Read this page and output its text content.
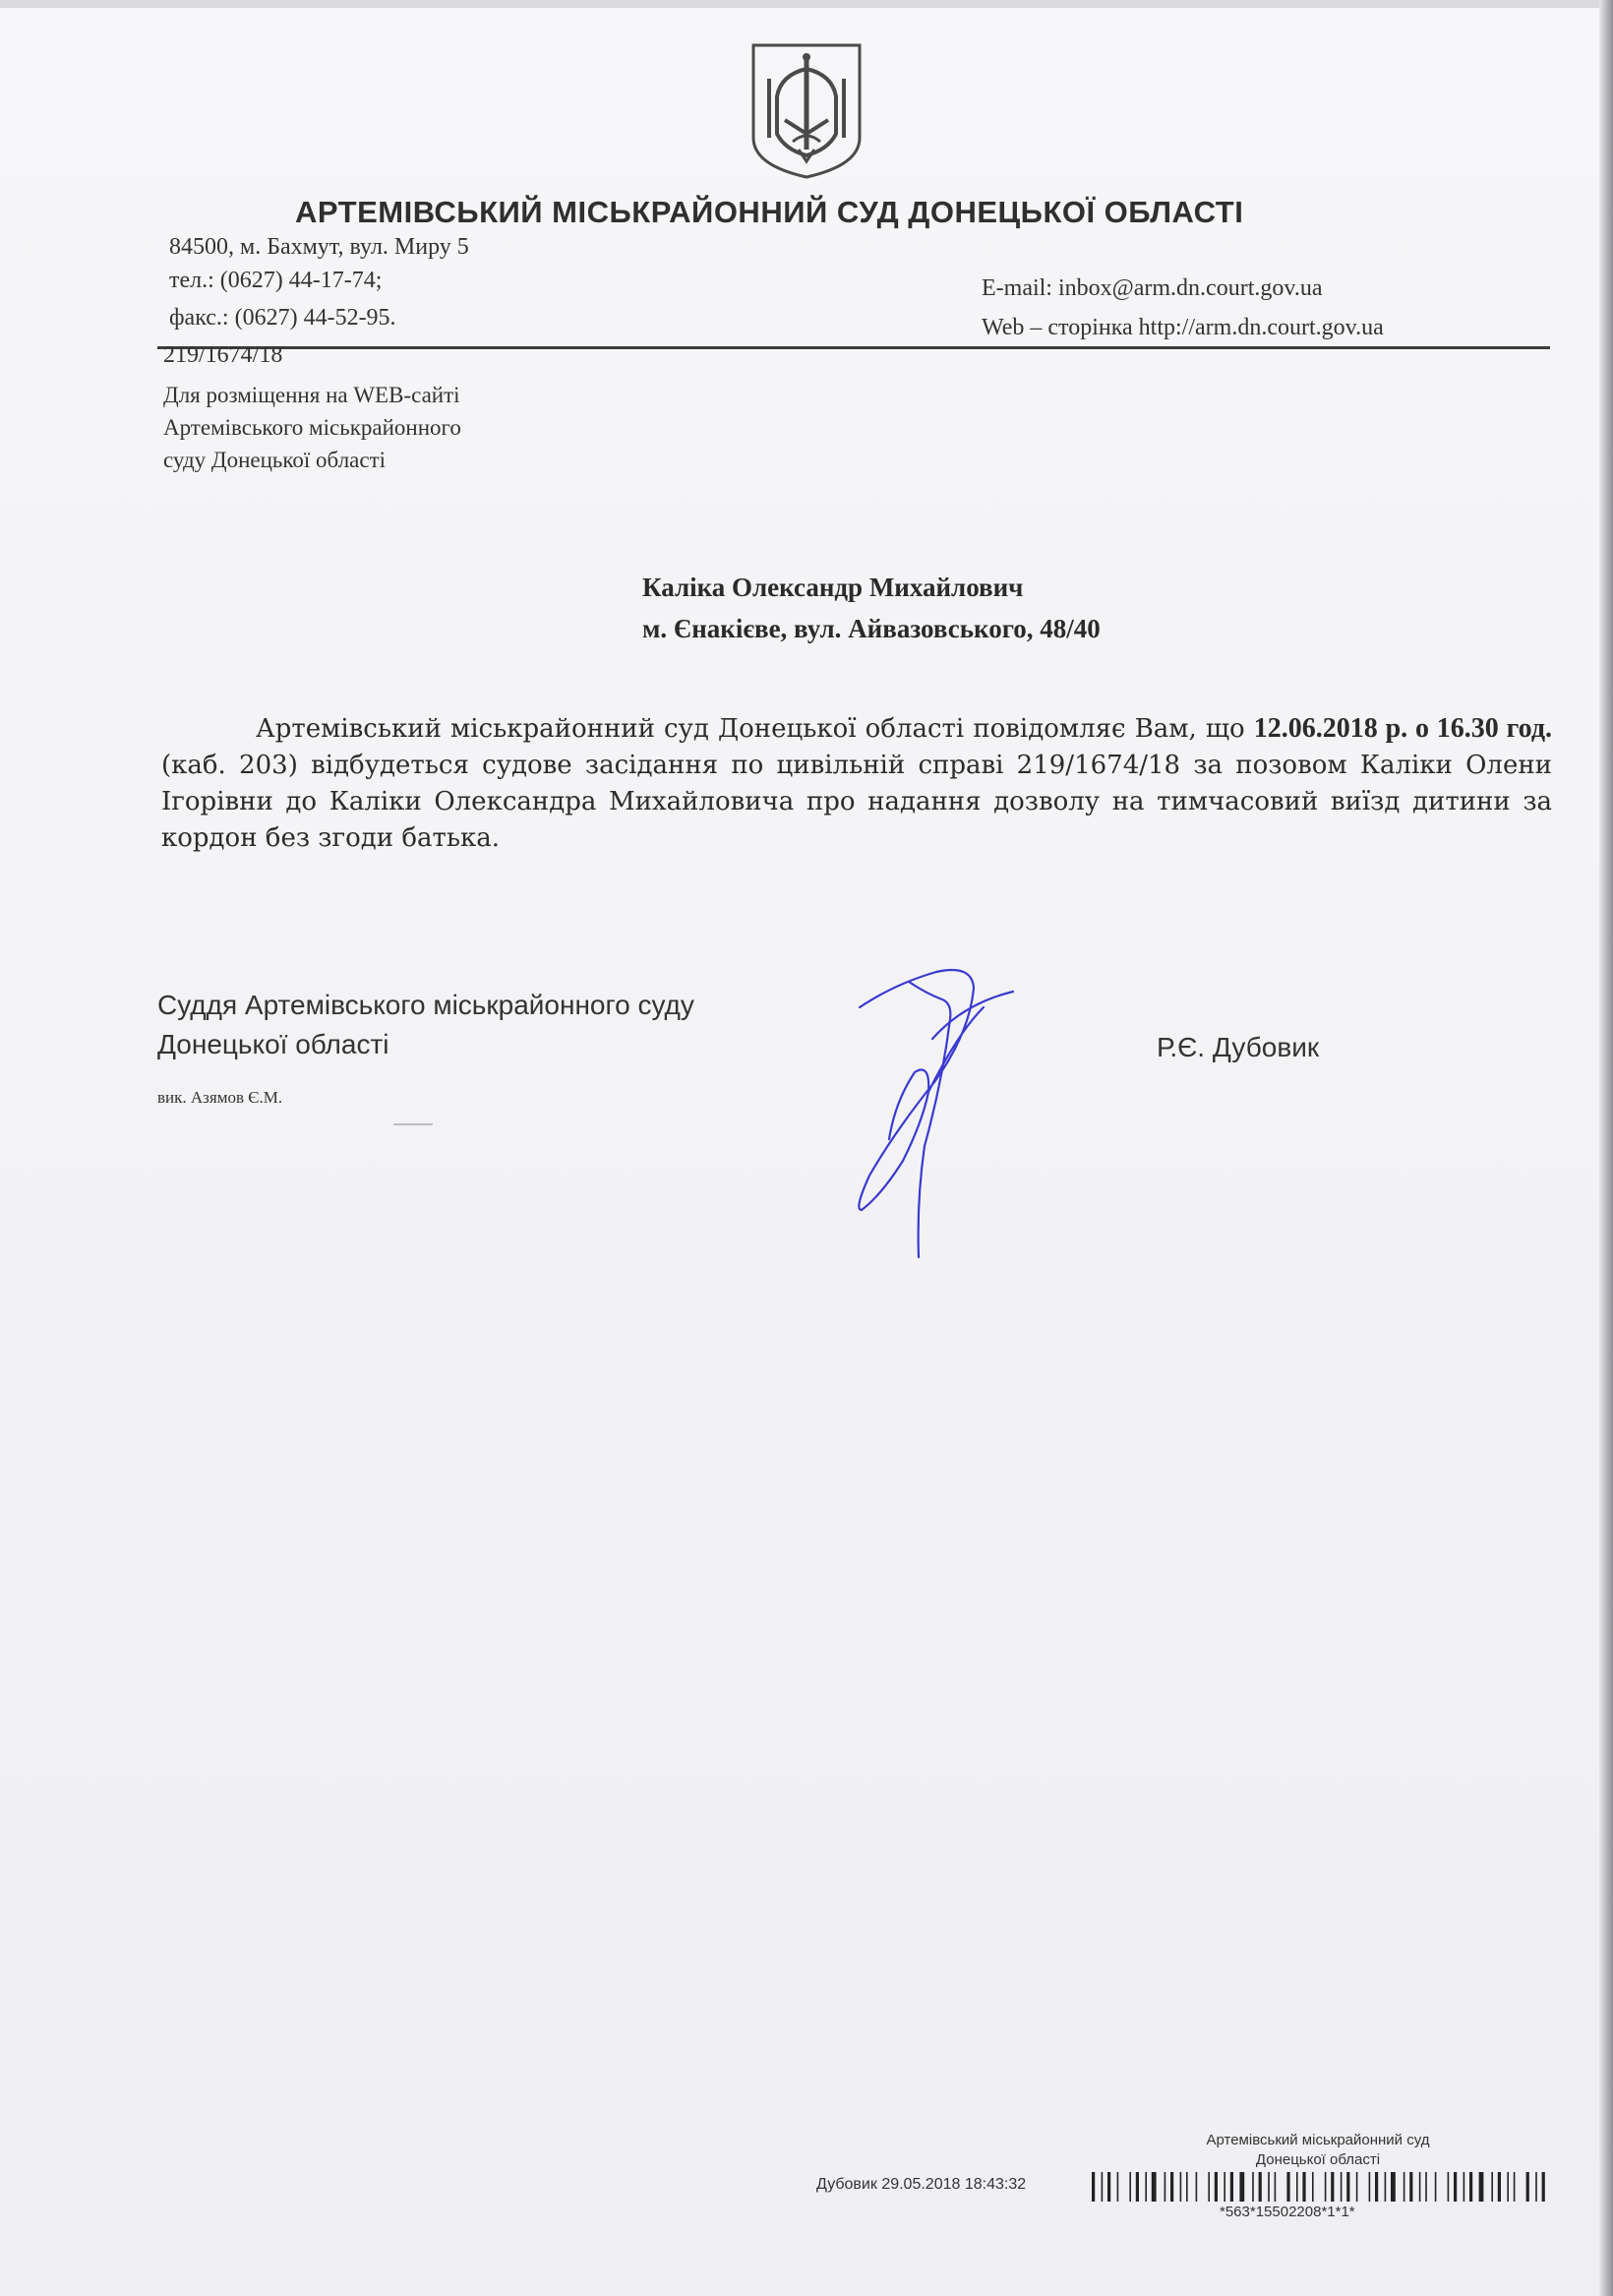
АРТЕМІВСЬКИЙ МІСЬКРАЙОННИЙ СУД ДОНЕЦЬКОЇ ОБЛАСТІ
84500, м. Бахмут, вул. Миру 5
тел.: (0627) 44-17-74;
факс.: (0627) 44-52-95.
E-mail: inbox@arm.dn.court.gov.ua
Web – сторінка http://arm.dn.court.gov.ua
219/1674/18
Для розміщення на WEB-сайті
Артемівського міськрайонного
суду Донецької області
Каліка Олександр Михайлович
м. Єнакієве, вул. Айвазовського, 48/40
Артемівський міськрайонний суд Донецької області повідомляє Вам, що 12.06.2018 р. о 16.30 год. (каб. 203) відбудеться судове засідання по цивільній справі 219/1674/18 за позовом Каліки Олени Ігорівни до Каліки Олександра Михайловича про надання дозволу на тимчасовий виїзд дитини за кордон без згоди батька.
Суддя Артемівського міськрайонного суду
Донецької області	Р.Є. Дубовик
вик. Азямов Є.М.
Артемівський міськрайонний суд
Донецької області
Дубовик 29.05.2018 18:43:32
*563*15502208*1*1*
